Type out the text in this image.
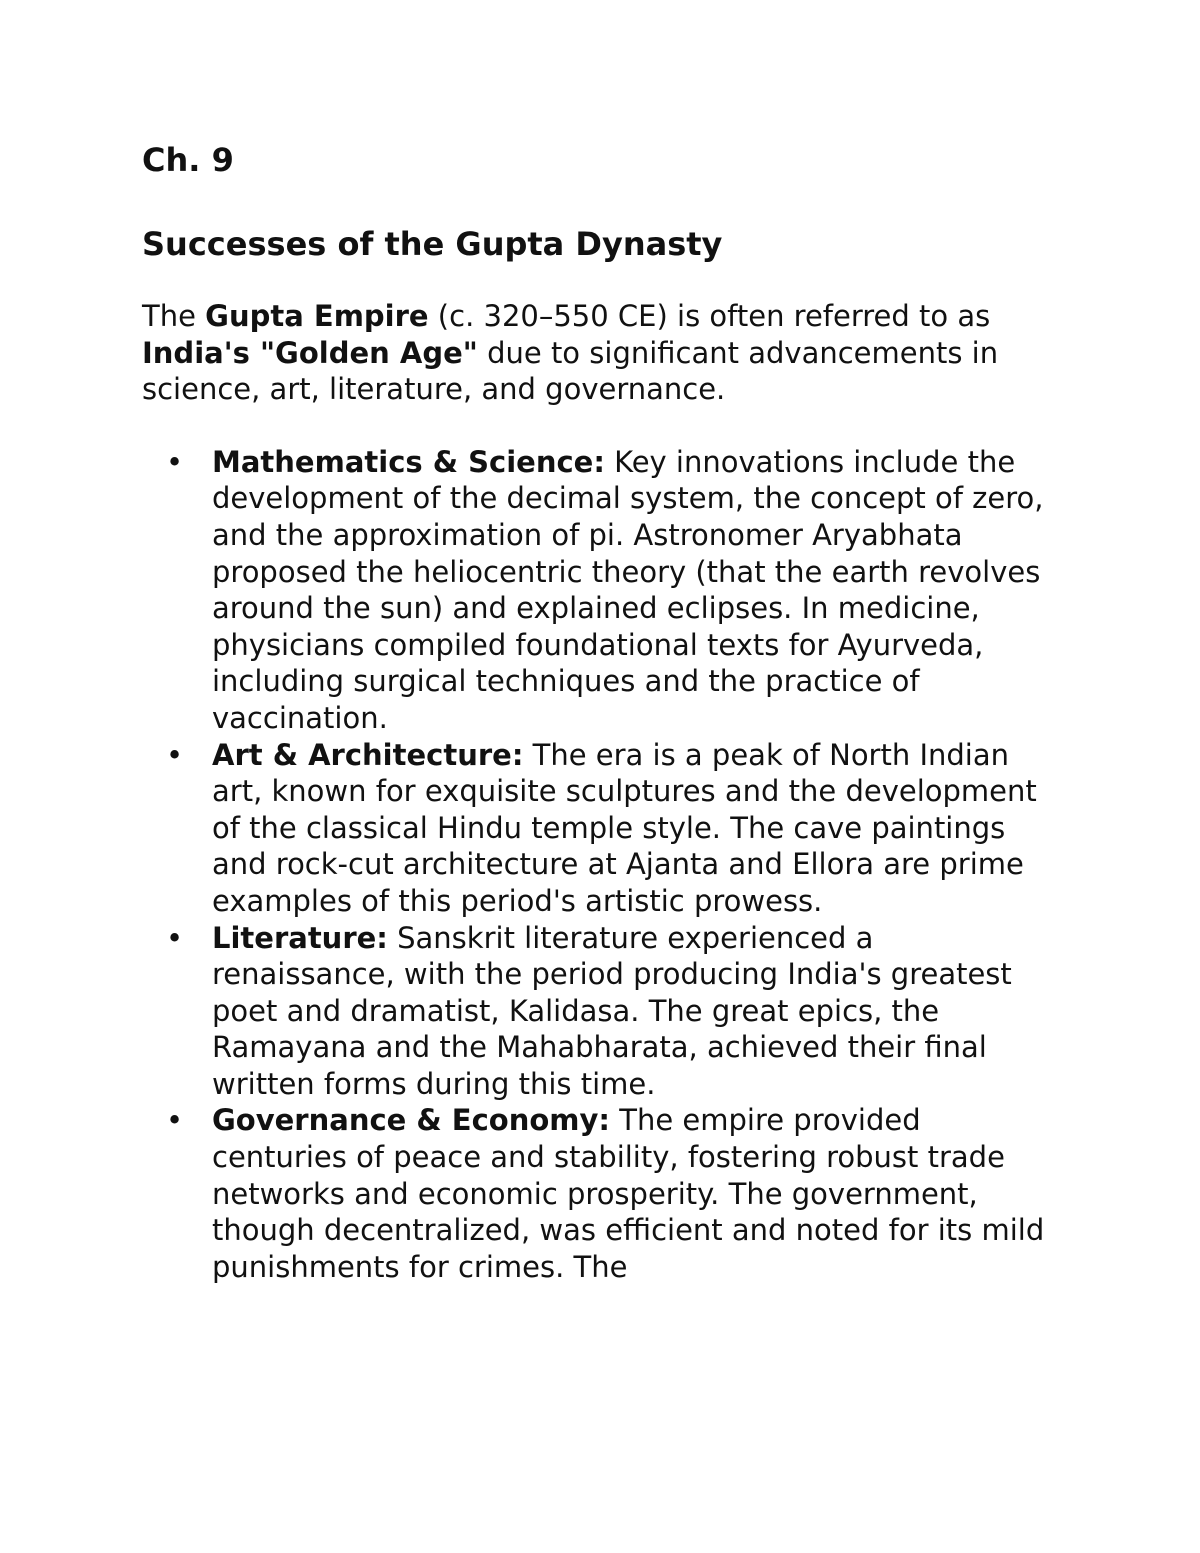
Ch. 9

Successes of the Gupta Dynasty

The Gupta Empire (c. 320–550 CE) is often referred to as India's "Golden Age" due to significant advancements in science, art, literature, and governance.

• Mathematics & Science: Key innovations include the development of the decimal system, the concept of zero, and the approximation of pi. Astronomer Aryabhata proposed the heliocentric theory (that the earth revolves around the sun) and explained eclipses. In medicine, physicians compiled foundational texts for Ayurveda, including surgical techniques and the practice of vaccination.
• Art & Architecture: The era is a peak of North Indian art, known for exquisite sculptures and the development of the classical Hindu temple style. The cave paintings and rock-cut architecture at Ajanta and Ellora are prime examples of this period's artistic prowess.
• Literature: Sanskrit literature experienced a renaissance, with the period producing India's greatest poet and dramatist, Kalidasa. The great epics, the Ramayana and the Mahabharata, achieved their final written forms during this time.
• Governance & Economy: The empire provided centuries of peace and stability, fostering robust trade networks and economic prosperity. The government, though decentralized, was efficient and noted for its mild punishments for crimes. The
